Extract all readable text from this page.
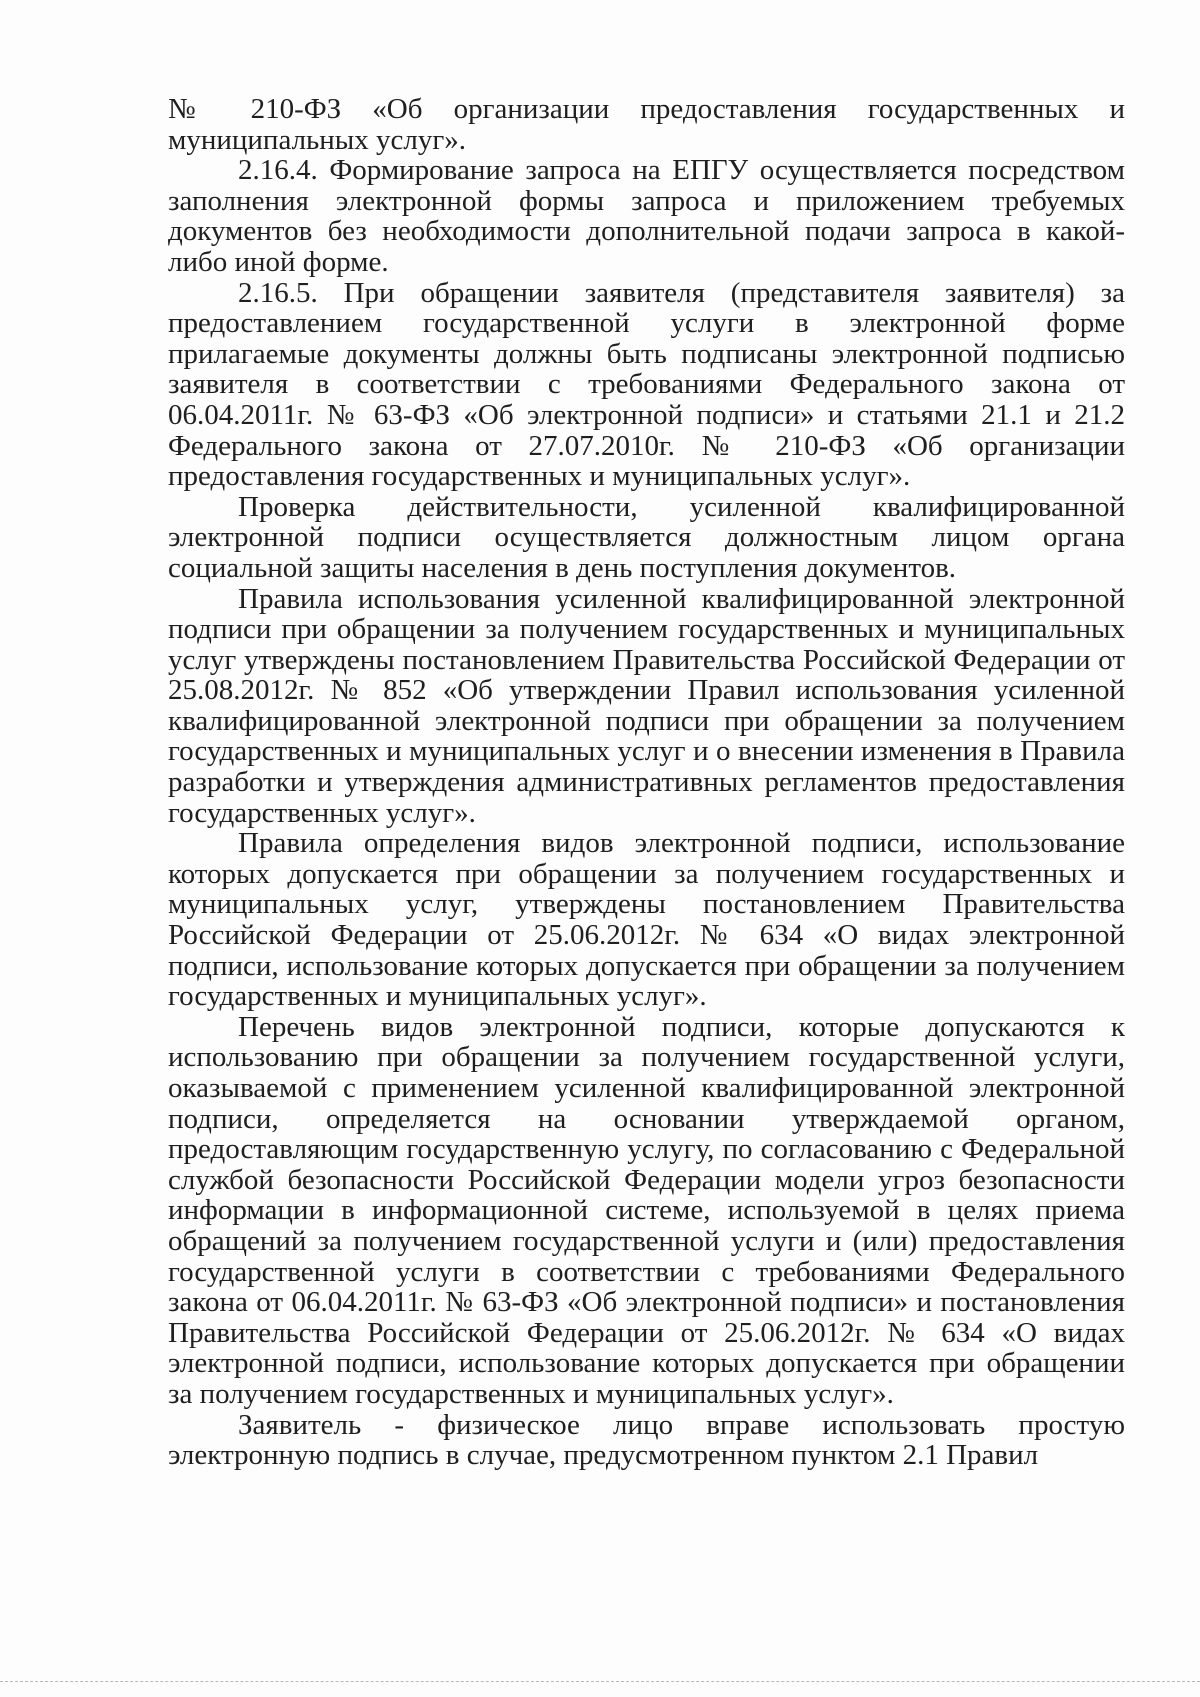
№ 210-ФЗ «Об организации предоставления государственных и муниципальных услуг».

2.16.4. Формирование запроса на ЕПГУ осуществляется посредством заполнения электронной формы запроса и приложением требуемых документов без необходимости дополнительной подачи запроса в какой-либо иной форме.

2.16.5. При обращении заявителя (представителя заявителя) за предоставлением государственной услуги в электронной форме прилагаемые документы должны быть подписаны электронной подписью заявителя в соответствии с требованиями Федерального закона от 06.04.2011г. № 63-ФЗ «Об электронной подписи» и статьями 21.1 и 21.2 Федерального закона от 27.07.2010г. № 210-ФЗ «Об организации предоставления государственных и муниципальных услуг».

Проверка действительности, усиленной квалифицированной электронной подписи осуществляется должностным лицом органа социальной защиты населения в день поступления документов.

Правила использования усиленной квалифицированной электронной подписи при обращении за получением государственных и муниципальных услуг утверждены постановлением Правительства Российской Федерации от 25.08.2012г. № 852 «Об утверждении Правил использования усиленной квалифицированной электронной подписи при обращении за получением государственных и муниципальных услуг и о внесении изменения в Правила разработки и утверждения административных регламентов предоставления государственных услуг».

Правила определения видов электронной подписи, использование которых допускается при обращении за получением государственных и муниципальных услуг, утверждены постановлением Правительства Российской Федерации от 25.06.2012г. № 634 «О видах электронной подписи, использование которых допускается при обращении за получением государственных и муниципальных услуг».

Перечень видов электронной подписи, которые допускаются к использованию при обращении за получением государственной услуги, оказываемой с применением усиленной квалифицированной электронной подписи, определяется на основании утверждаемой органом, предоставляющим государственную услугу, по согласованию с Федеральной службой безопасности Российской Федерации модели угроз безопасности информации в информационной системе, используемой в целях приема обращений за получением государственной услуги и (или) предоставления государственной услуги в соответствии с требованиями Федерального закона от 06.04.2011г. № 63-ФЗ «Об электронной подписи» и постановления Правительства Российской Федерации от 25.06.2012г. № 634 «О видах электронной подписи, использование которых допускается при обращении за получением государственных и муниципальных услуг».

Заявитель - физическое лицо вправе использовать простую электронную подпись в случае, предусмотренном пунктом 2.1 Правил
